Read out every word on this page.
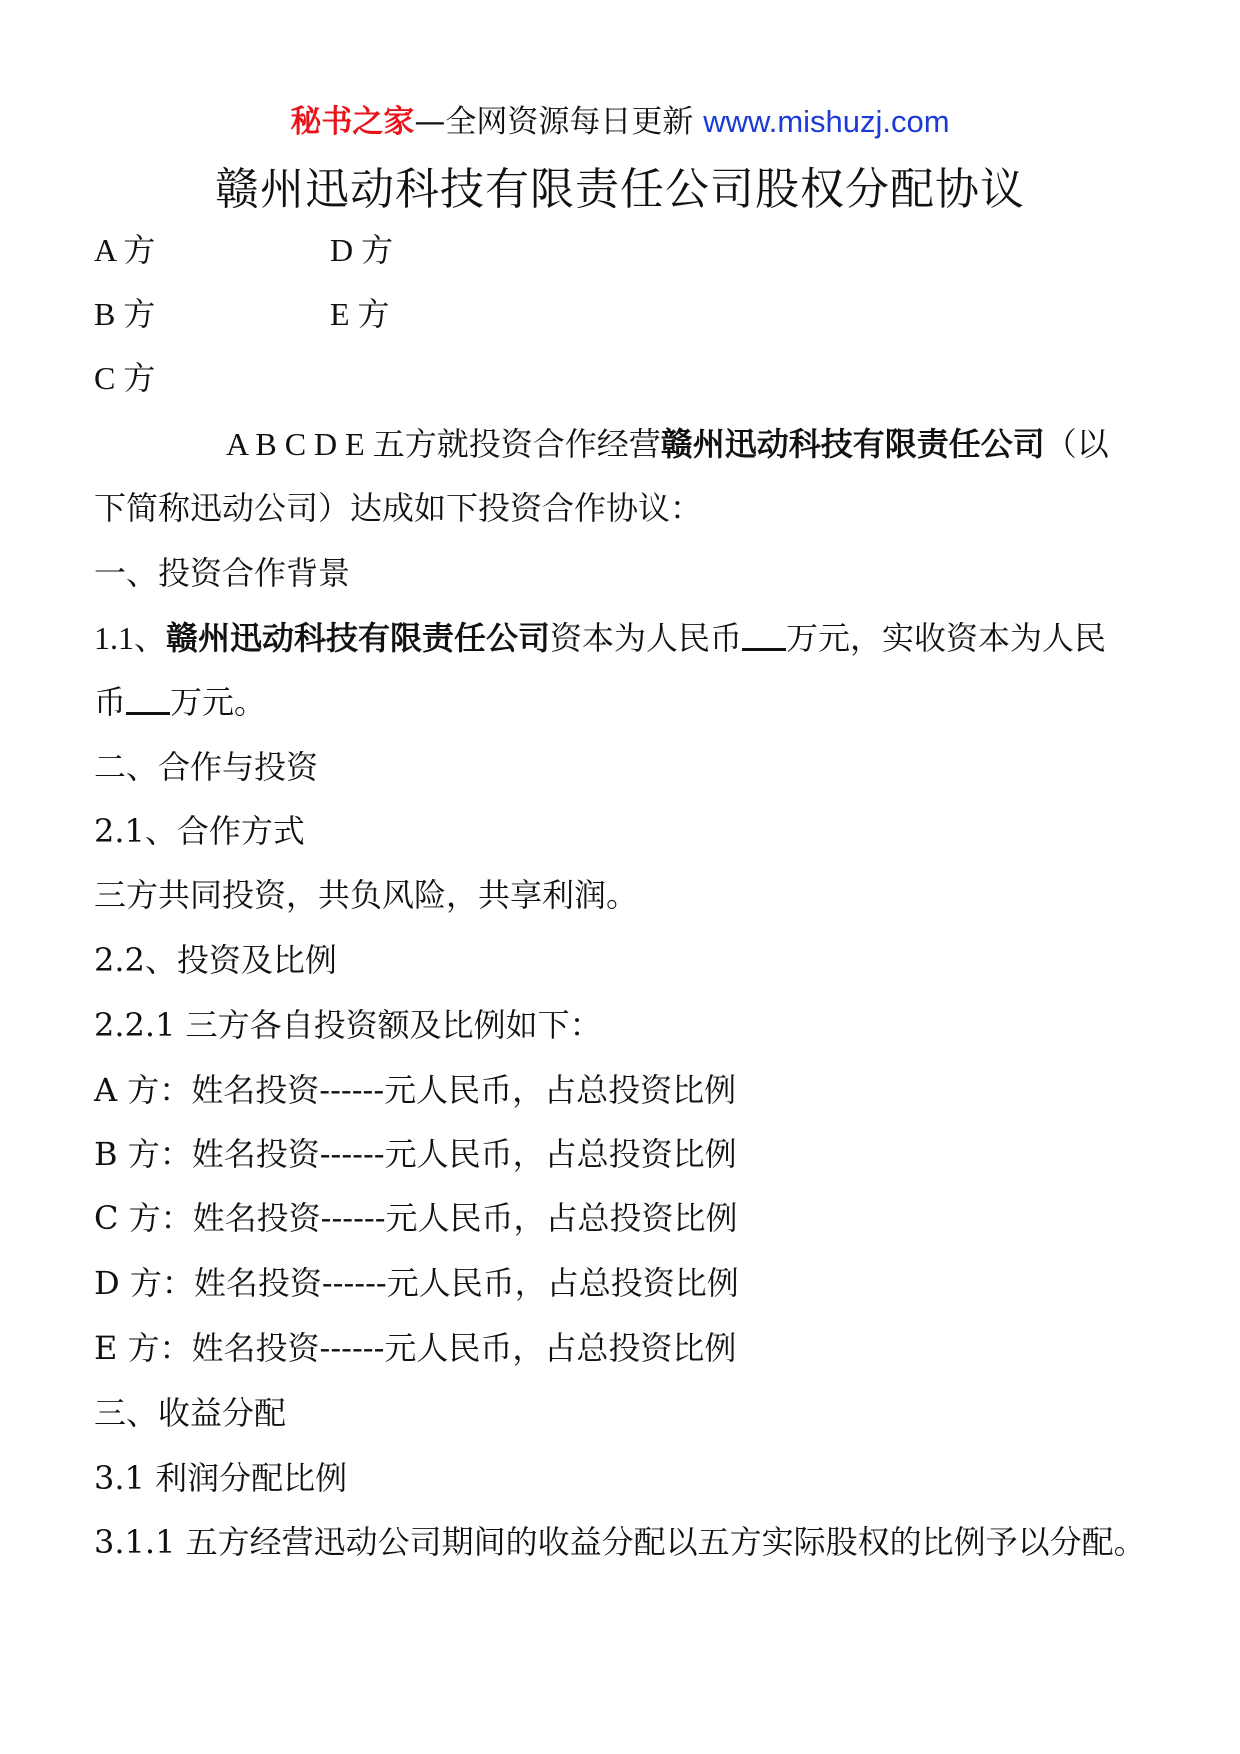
秘书之家—全网资源每日更新 www.mishuzj.com
赣州迅动科技有限责任公司股权分配协议
A 方	D 方
B 方	E 方
C 方
A B C D E 五方就投资合作经营赣州迅动科技有限责任公司（以
下简称迅动公司）达成如下投资合作协议：
一、投资合作背景
1.1、赣州迅动科技有限责任公司资本为人民币 万元，实收资本为人民
币 万元。
二、合作与投资
2.1、合作方式
三方共同投资，共负风险，共享利润。
2.2、投资及比例
2.2.1 三方各自投资额及比例如下：
A 方：姓名投资------元人民币，占总投资比例
B 方：姓名投资------元人民币，占总投资比例
C 方：姓名投资------元人民币，占总投资比例
D 方：姓名投资------元人民币，占总投资比例
E 方：姓名投资------元人民币，占总投资比例
三、收益分配
3.1 利润分配比例
3.1.1 五方经营迅动公司期间的收益分配以五方实际股权的比例予以分配。
